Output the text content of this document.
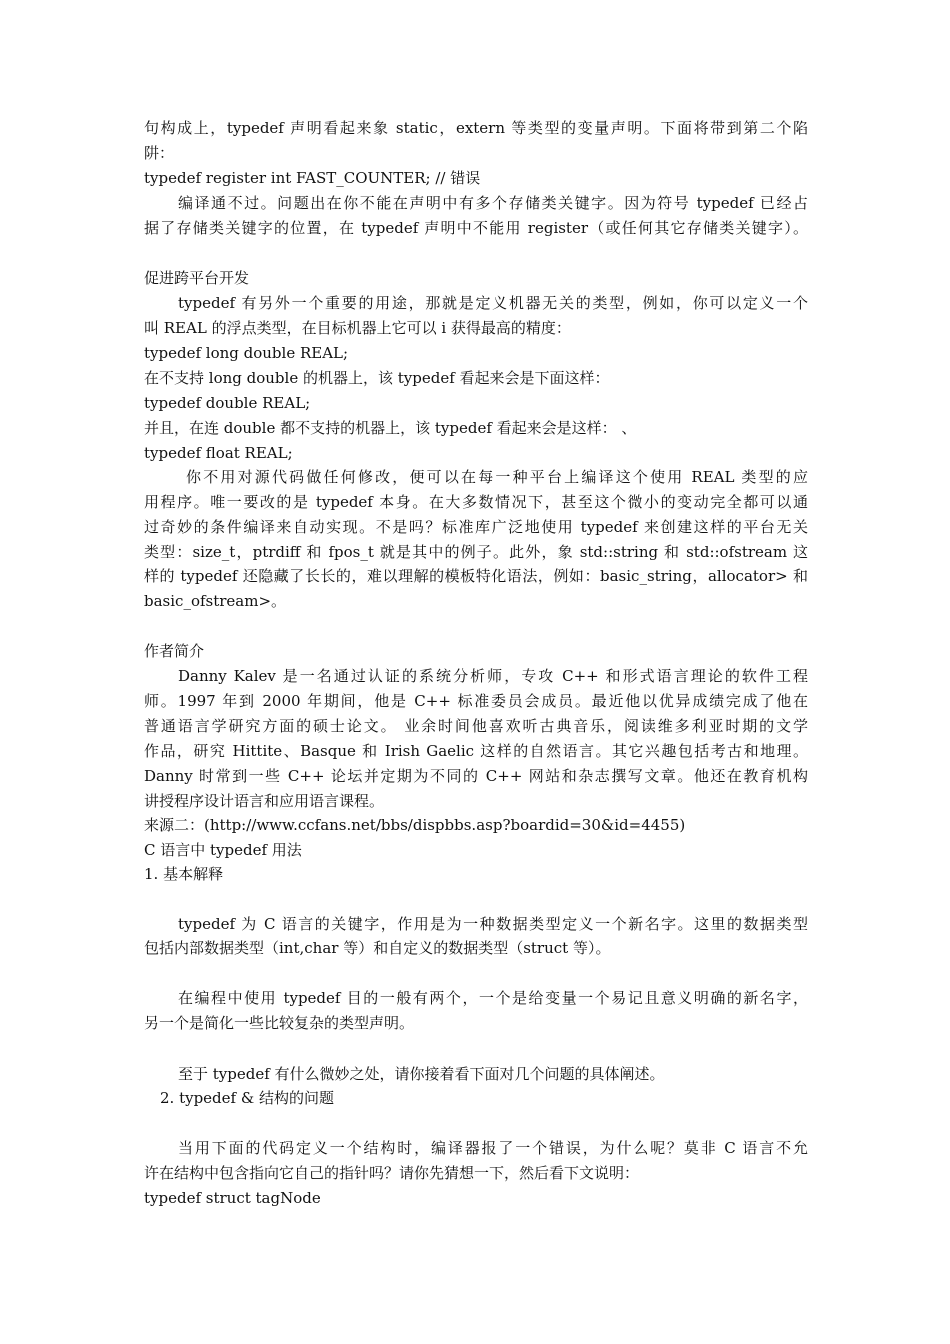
句构成上，typedef 声明看起来象 static，extern 等类型的变量声明。下面将带到第二个陷
阱：
typedef register int FAST_COUNTER; // 错误
编译通不过。问题出在你不能在声明中有多个存储类关键字。因为符号 typedef 已经占
据了存储类关键字的位置，在 typedef 声明中不能用 register（或任何其它存储类关键字）。
促进跨平台开发
typedef 有另外一个重要的用途，那就是定义机器无关的类型，例如，你可以定义一个
叫 REAL 的浮点类型，在目标机器上它可以 i 获得最高的精度：
typedef long double REAL;
在不支持 long double 的机器上，该 typedef 看起来会是下面这样：
typedef double REAL;
并且，在连 double 都不支持的机器上，该 typedef 看起来会是这样： 、
typedef float REAL;
你不用对源代码做任何修改，便可以在每一种平台上编译这个使用 REAL 类型的应
用程序。唯一要改的是 typedef 本身。在大多数情况下，甚至这个微小的变动完全都可以通
过奇妙的条件编译来自动实现。不是吗？标准库广泛地使用 typedef 来创建这样的平台无关
类型：size_t，ptrdiff 和 fpos_t 就是其中的例子。此外，象 std::string 和 std::ofstream 这
样的 typedef 还隐藏了长长的，难以理解的模板特化语法，例如：basic_string，allocator> 和
basic_ofstream>。
作者简介
Danny Kalev 是一名通过认证的系统分析师，专攻 C++ 和形式语言理论的软件工程
师。1997 年到 2000 年期间，他是 C++ 标准委员会成员。最近他以优异成绩完成了他在
普通语言学研究方面的硕士论文。 业余时间他喜欢听古典音乐，阅读维多利亚时期的文学
作品，研究 Hittite、Basque 和 Irish Gaelic 这样的自然语言。其它兴趣包括考古和地理。
Danny 时常到一些 C++ 论坛并定期为不同的 C++ 网站和杂志撰写文章。他还在教育机构
讲授程序设计语言和应用语言课程。
来源二：(http://www.ccfans.net/bbs/dispbbs.asp?boardid=30&id=4455)
C 语言中 typedef 用法
1. 基本解释
typedef 为 C 语言的关键字，作用是为一种数据类型定义一个新名字。这里的数据类型
包括内部数据类型（int,char 等）和自定义的数据类型（struct 等）。
在编程中使用 typedef 目的一般有两个，一个是给变量一个易记且意义明确的新名字，
另一个是简化一些比较复杂的类型声明。
至于 typedef 有什么微妙之处，请你接着看下面对几个问题的具体阐述。
2. typedef & 结构的问题
当用下面的代码定义一个结构时，编译器报了一个错误，为什么呢？莫非 C 语言不允
许在结构中包含指向它自己的指针吗？请你先猜想一下，然后看下文说明：
typedef struct tagNode
